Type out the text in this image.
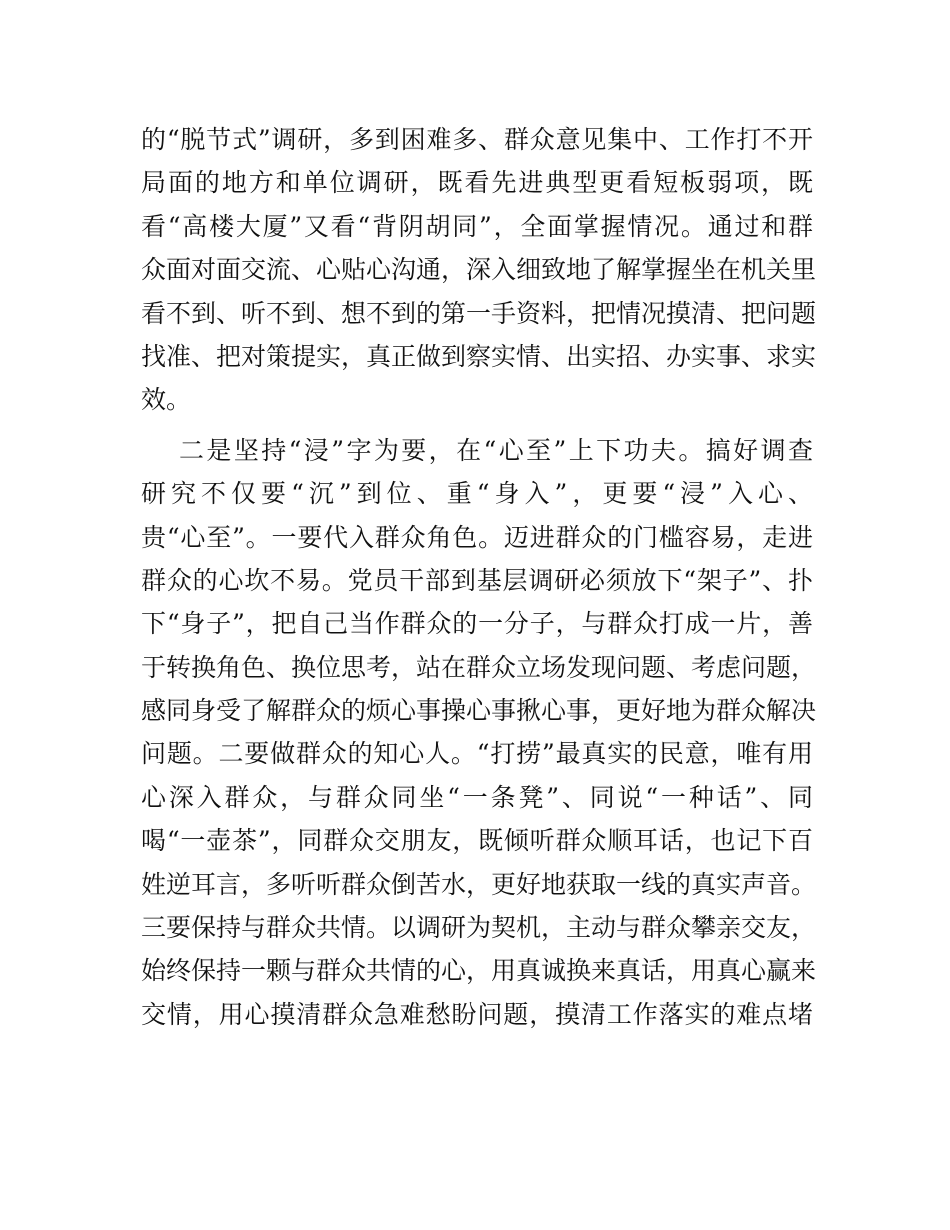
的“脱节式”调研，多到困难多、群众意见集中、工作打不开
局面的地方和单位调研，既看先进典型更看短板弱项，既
看“高楼大厦”又看“背阴胡同”，全面掌握情况。通过和群
众面对面交流、心贴心沟通，深入细致地了解掌握坐在机关里
看不到、听不到、想不到的第一手资料，把情况摸清、把问题
找准、把对策提实，真正做到察实情、出实招、办实事、求实
效。
二是坚持“浸”字为要，在“心至”上下功夫。搞好调查
研究不仅要“沉”到位、重“身入”，更要“浸”入心、
贵“心至”。一要代入群众角色。迈进群众的门槛容易，走进
群众的心坎不易。党员干部到基层调研必须放下“架子”、扑
下“身子”，把自己当作群众的一分子，与群众打成一片，善
于转换角色、换位思考，站在群众立场发现问题、考虑问题，
感同身受了解群众的烦心事操心事揪心事，更好地为群众解决
问题。二要做群众的知心人。“打捞”最真实的民意，唯有用
心深入群众，与群众同坐“一条凳”、同说“一种话”、同
喝“一壶茶”，同群众交朋友，既倾听群众顺耳话，也记下百
姓逆耳言，多听听群众倒苦水，更好地获取一线的真实声音。
三要保持与群众共情。以调研为契机，主动与群众攀亲交友，
始终保持一颗与群众共情的心，用真诚换来真话，用真心赢来
交情，用心摸清群众急难愁盼问题，摸清工作落实的难点堵
